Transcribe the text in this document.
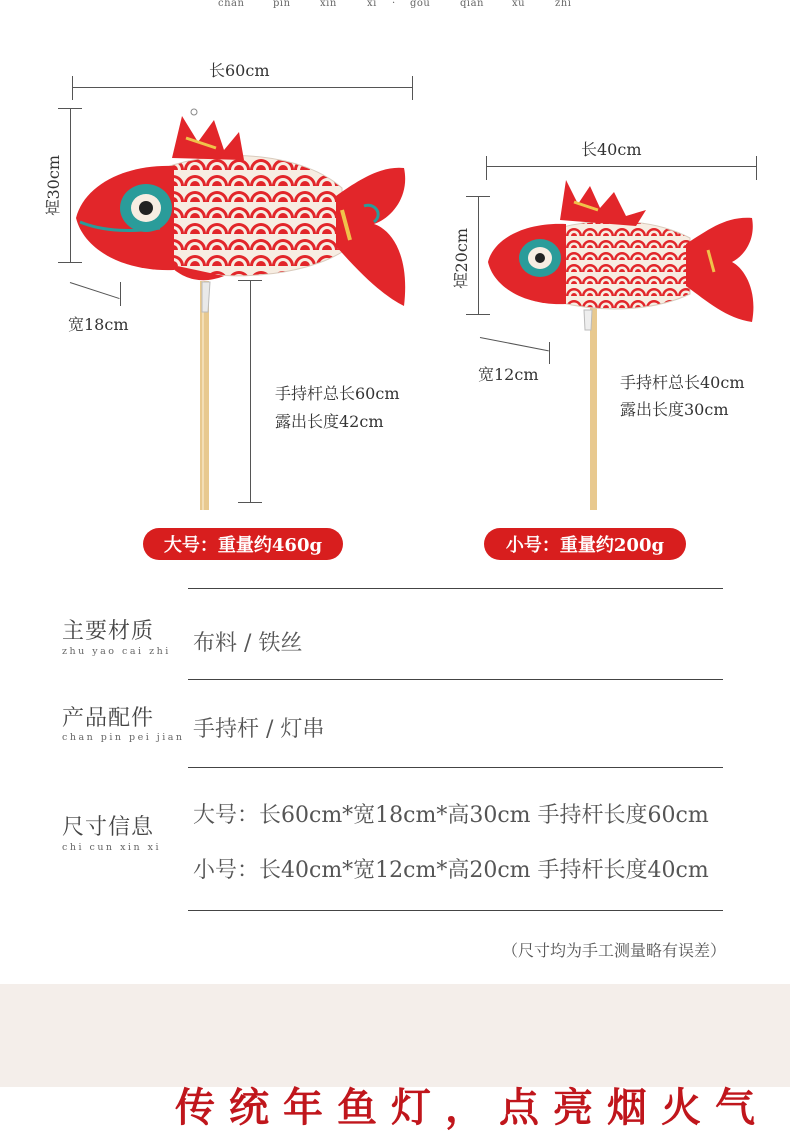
chan	pin	xin	xi · gou	qian	xu	zhi
长60cm
高30cm
宽18cm
手持杆总长60cm
露出长度42cm
大号：重量约460g
长40cm
高20cm
宽12cm	手持杆总长40cm
露出长度30cm
小号：重量约200g
主要材质
zhu yao cai zhi 布料 / 铁丝
产品配件
chan pin pei jian 手持杆 / 灯串
尺寸信息
chi cun xin xi
大号：长60cm*宽18cm*高30cm 手持杆长度60cm
小号：长40cm*宽12cm*高20cm 手持杆长度40cm
（尺寸均为手工测量略有误差）
传统年鱼灯，点亮烟火气
